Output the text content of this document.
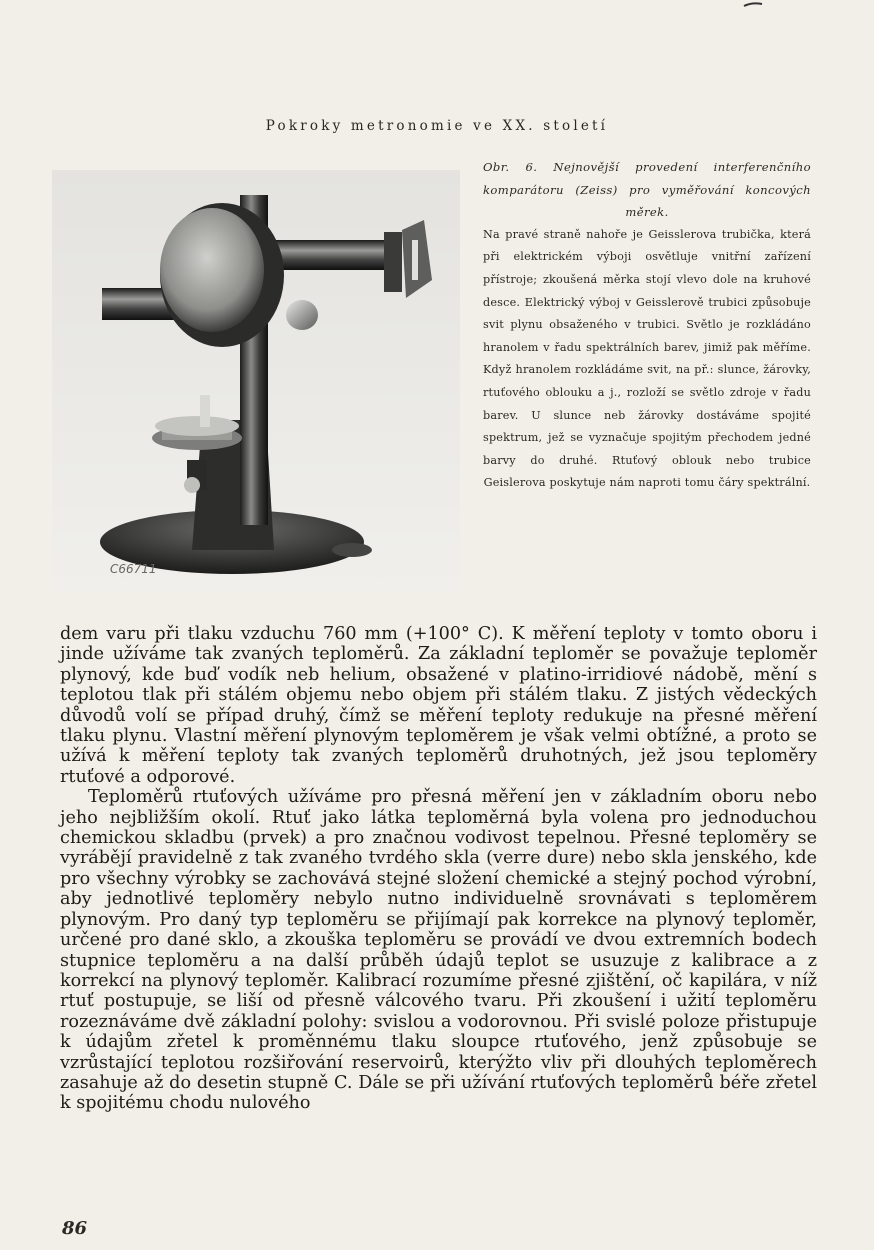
Pokroky metronomie ve XX. století
C66711
Obr. 6. Nejnovější provedení interferenčního komparátoru (Zeiss) pro vyměřování koncových měrek.
Na pravé straně nahoře je Geisslerova trubička, která při elektrickém výboji osvětluje vnitřní zařízení přístroje; zkoušená měrka stojí vlevo dole na kruhové desce. Elektrický výboj v Geisslerově trubici způsobuje svit plynu obsaženého v trubici. Světlo je rozkládáno hranolem v řadu spektrálních barev, jimiž pak měříme. Když hranolem rozkládáme svit, na př.: slunce, žárovky, rtuťového oblouku a j., rozloží se světlo zdroje v řadu barev. U slunce neb žárovky dostáváme spojité spektrum, jež se vyznačuje spojitým přechodem jedné barvy do druhé. Rtuťový oblouk nebo trubice Geislerova poskytuje nám naproti tomu čáry spektrální.

dem varu při tlaku vzduchu 760 mm (+100° C). K měření teploty v tomto oboru i jinde užíváme tak zvaných teploměrů. Za základní teploměr se považuje teploměr plynový, kde buď vodík neb helium, obsažené v platino-irridiové nádobě, mění s teplotou tlak při stálém objemu nebo objem při stálém tlaku. Z jistých vědeckých důvodů volí se případ druhý, čímž se měření teploty redukuje na přesné měření tlaku plynu. Vlastní měření plynovým teploměrem je však velmi obtížné, a proto se užívá k měření teploty tak zvaných teploměrů druhotných, jež jsou teploměry rtuťové a odporové.

Teploměrů rtuťových užíváme pro přesná měření jen v základním oboru nebo jeho nejbližším okolí. Rtuť jako látka teploměrná byla volena pro jednoduchou chemickou skladbu (prvek) a pro značnou vodivost tepelnou. Přesné teploměry se vyrábějí pravidelně z tak zvaného tvrdého skla (verre dure) nebo skla jenského, kde pro všechny výrobky se zachovává stejné složení chemické a stejný pochod výrobní, aby jednotlivé teploměry nebylo nutno individuelně srovnávati s teploměrem plynovým. Pro daný typ teploměru se přijímají pak korrekce na plynový teploměr, určené pro dané sklo, a zkouška teploměru se provádí ve dvou extremních bodech stupnice teploměru a na další průběh údajů teplot se usuzuje z kalibrace a z korrekcí na plynový teploměr. Kalibrací rozumíme přesné zjištění, oč kapilára, v níž rtuť postupuje, se liší od přesně válcového tvaru. Při zkoušení i užití teploměru rozeznáváme dvě základní polohy: svislou a vodorovnou. Při svislé poloze přistupuje k údajům zřetel k proměnnému tlaku sloupce rtuťového, jenž způsobuje se vzrůstající teplotou rozšiřování reservoirů, kterýžto vliv při dlouhých teploměrech zasahuje až do desetin stupně C. Dále se při užívání rtuťových teploměrů béře zřetel k spojitému chodu nulového

86
